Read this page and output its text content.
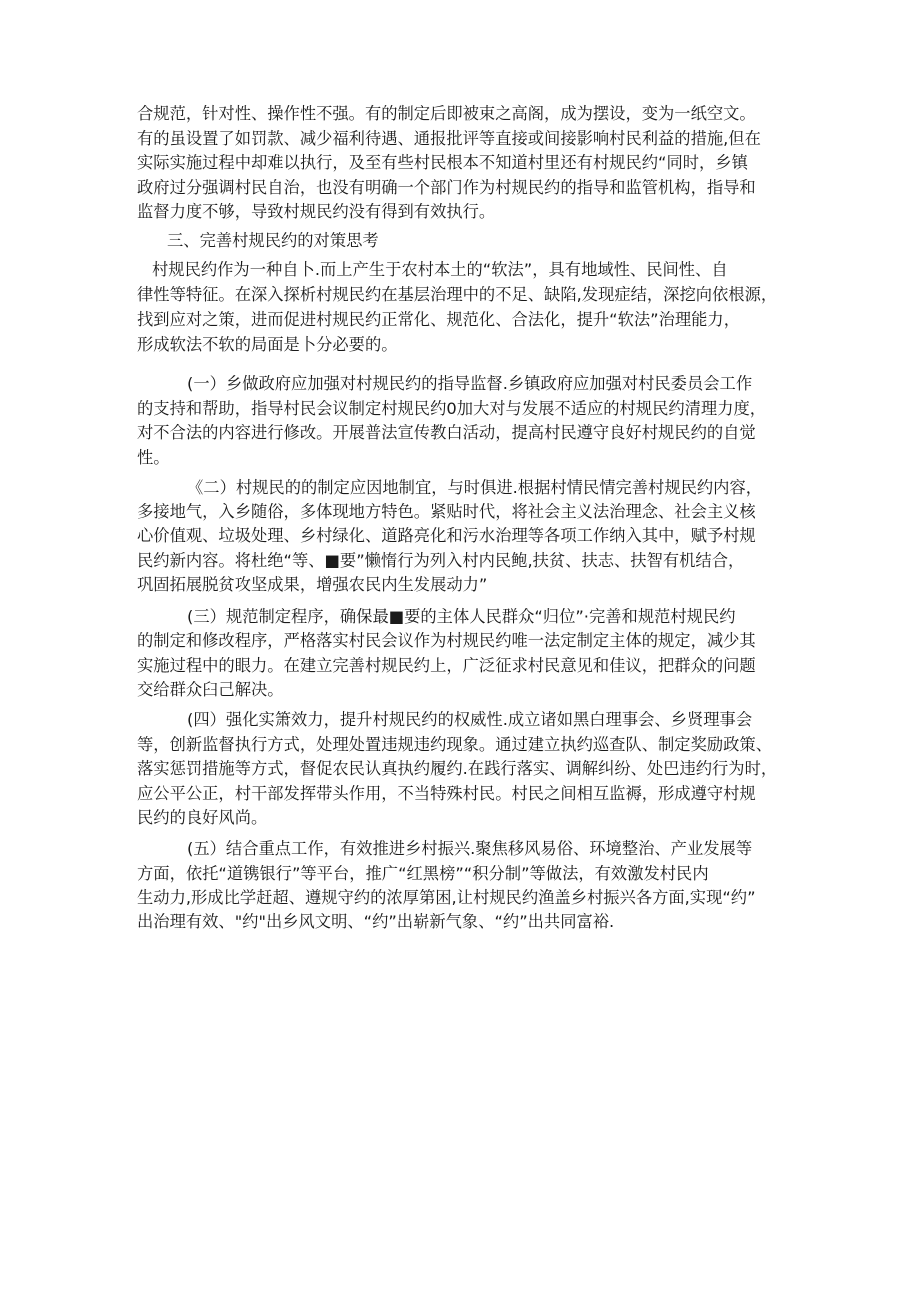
合规范，针对性、操作性不强。有的制定后即被束之高阁，成为摆设，变为一纸空文。
有的虽设置了如罚款、减少福利待遇、通报批评等直接或间接影响村民利益的措施,但在
实际实施过程中却难以执行，及至有些村民根本不知道村里还有村规民约“同时，乡镇
政府过分强调村民自治，也没有明确一个部门作为村规民约的指导和监管机构，指导和
监督力度不够，导致村规民约没有得到有效执行。
三、完善村规民约的对策思考
村规民约作为一种自卜.而上产生于农村本土的“软法”，具有地域性、民间性、自
律性等特征。在深入探析村规民约在基层治理中的不足、缺陷,发现症结，深挖向依根源，
找到应对之策，进而促进村规民约正常化、规范化、合法化，提升“软法”治理能力，
形成软法不软的局面是卜分必要的。
(一）乡做政府应加强对村规民约的指导监督.乡镇政府应加强对村民委员会工作
的支持和帮助，指导村民会议制定村规民约0加大对与发展不适应的村规民约清理力度，
对不合法的内容进行修改。开展普法宣传教白活动，提高村民遵守良好村规民约的自觉
性。
《二）村规民的的制定应因地制宜，与时俱进.根据村情民情完善村规民约内容，
多接地气，入乡随俗，多体现地方特色。紧贴时代，将社会主义法治理念、社会主义核
心价值观、垃圾处理、乡村绿化、道路亮化和污水治理等各项工作纳入其中，赋予村规
民约新内容。将杜绝“等、■要”懒惰行为列入村内民鲍,扶贫、扶志、扶智有机结合，
巩固拓展脱贫攻坚成果，增强农民内生发展动力”
(三）规范制定程序，确保最■要的主体人民群众“归位”·完善和规范村规民约
的制定和修改程序，严格落实村民会议作为村规民约唯一法定制定主体的规定，减少其
实施过程中的眼力。在建立完善村规民约上，广泛征求村民意见和佳议，把群众的问题
交给群众臼己解决。
(四）强化实箫效力，提升村规民约的权威性.成立诸如黑白理事会、乡贤理事会
等，创新监督执行方式，处理处置违规违约现象。通过建立执约巡查队、制定奖励政策、
落实惩罚措施等方式，督促农民认真执约履约.在践行落实、调解纠纷、处巴违约行为时，
应公平公正，村干部发挥带头作用，不当特殊村民。村民之间相互监褥，形成遵守村规
民约的良好风尚。
(五）结合重点工作，有效推进乡村振兴.聚焦移风易俗、环境整治、产业发展等
方面，依托“道镌银行”等平台，推广“红黑榜”“积分制”等做法，有效激发村民内
生动力,形成比学赶超、遵规守约的浓厚第困,让村规民约渔盖乡村振兴各方面,实现“约”
出治理有效、"约"出乡风文明、“约”出崭新气象、“约”出共同富裕.
